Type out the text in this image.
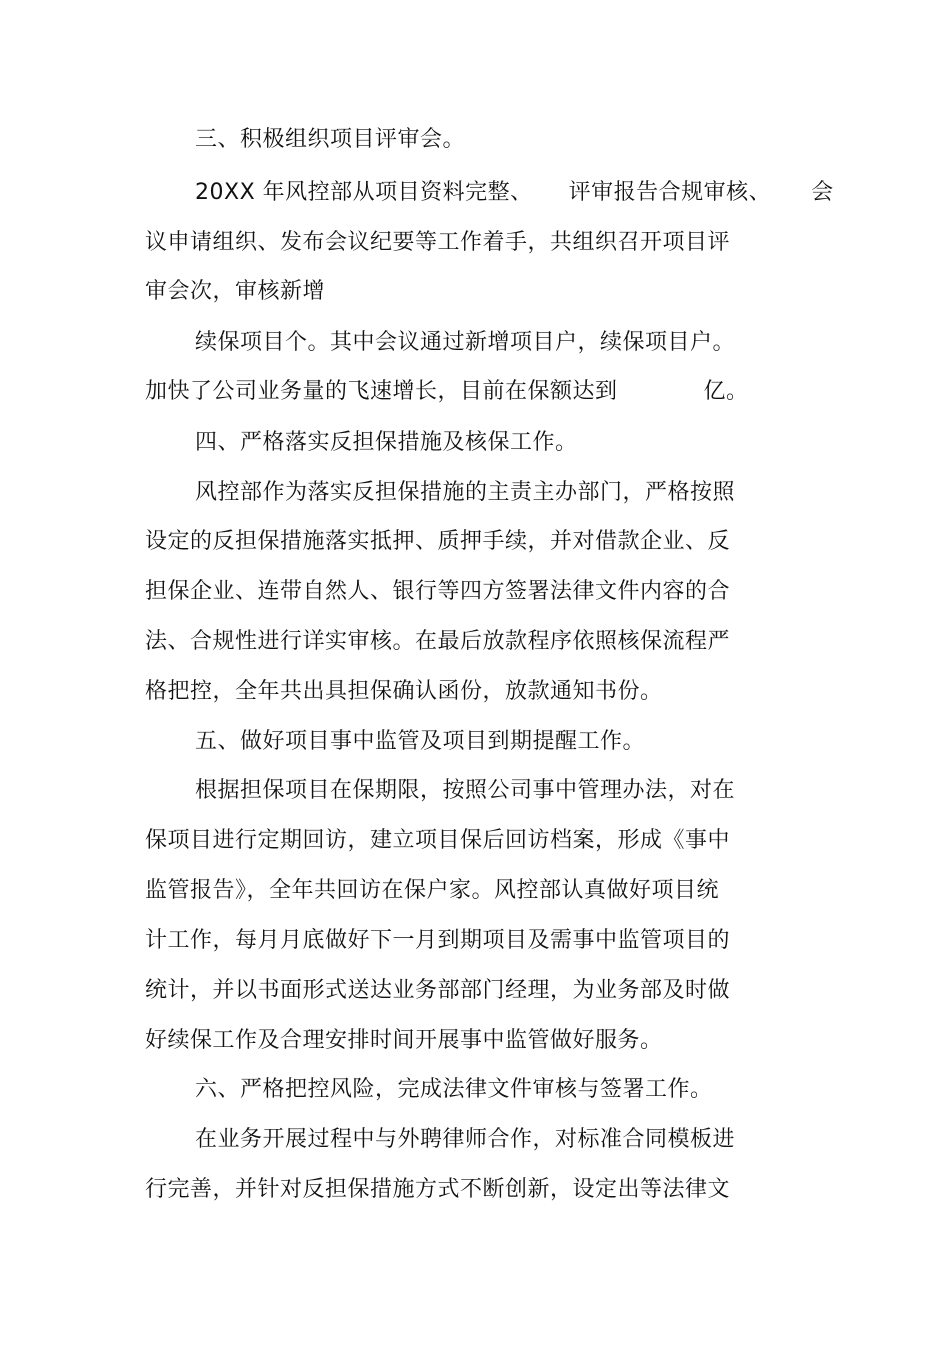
三、积极组织项目评审会。
20XX 年风控部从项目资料完整、 评审报告合规审核、 会
议申请组织、发布会议纪要等工作着手，共组织召开项目评
审会次，审核新增
续保项目个。其中会议通过新增项目户，续保项目户。
加快了公司业务量的飞速增长，目前在保额达到	亿。
四、严格落实反担保措施及核保工作。
风控部作为落实反担保措施的主责主办部门，严格按照
设定的反担保措施落实抵押、质押手续，并对借款企业、反
担保企业、连带自然人、银行等四方签署法律文件内容的合
法、合规性进行详实审核。在最后放款程序依照核保流程严
格把控，全年共出具担保确认函份，放款通知书份。
五、做好项目事中监管及项目到期提醒工作。
根据担保项目在保期限，按照公司事中管理办法，对在
保项目进行定期回访，建立项目保后回访档案，形成《事中
监管报告》，全年共回访在保户家。风控部认真做好项目统
计工作，每月月底做好下一月到期项目及需事中监管项目的
统计，并以书面形式送达业务部部门经理，为业务部及时做
好续保工作及合理安排时间开展事中监管做好服务。
六、严格把控风险，完成法律文件审核与签署工作。
在业务开展过程中与外聘律师合作，对标准合同模板进
行完善，并针对反担保措施方式不断创新，设定出等法律文
